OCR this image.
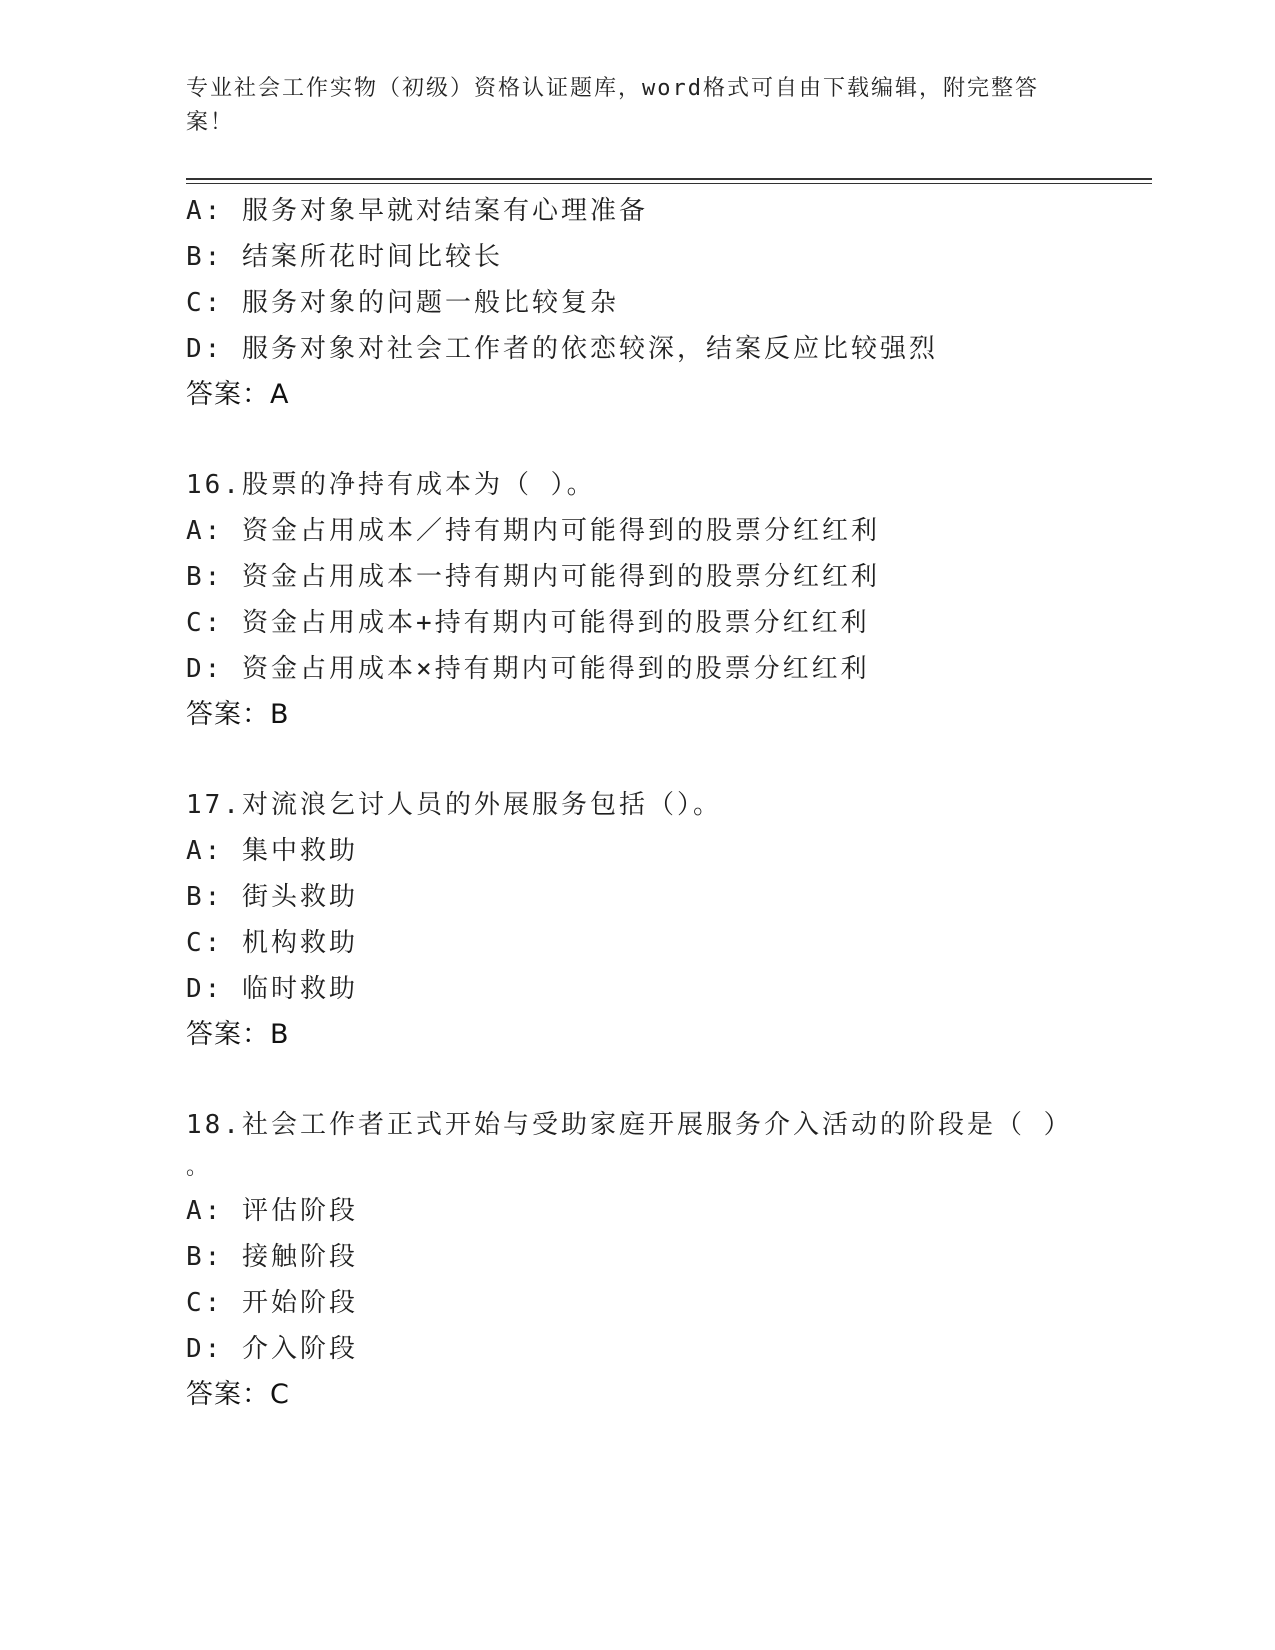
专业社会工作实物（初级）资格认证题库，word格式可自由下载编辑，附完整答案！
A: 服务对象早就对结案有心理准备
B: 结案所花时间比较长
C: 服务对象的问题一般比较复杂
D: 服务对象对社会工作者的依恋较深，结案反应比较强烈
答案：A
16.股票的净持有成本为（ ）。
A: 资金占用成本／持有期内可能得到的股票分红红利
B: 资金占用成本一持有期内可能得到的股票分红红利
C: 资金占用成本+持有期内可能得到的股票分红红利
D: 资金占用成本×持有期内可能得到的股票分红红利
答案：B
17.对流浪乞讨人员的外展服务包括（）。
A: 集中救助
B: 街头救助
C: 机构救助
D: 临时救助
答案：B
18.社会工作者正式开始与受助家庭开展服务介入活动的阶段是（ ）
。
A: 评估阶段
B: 接触阶段
C: 开始阶段
D: 介入阶段
答案：C
